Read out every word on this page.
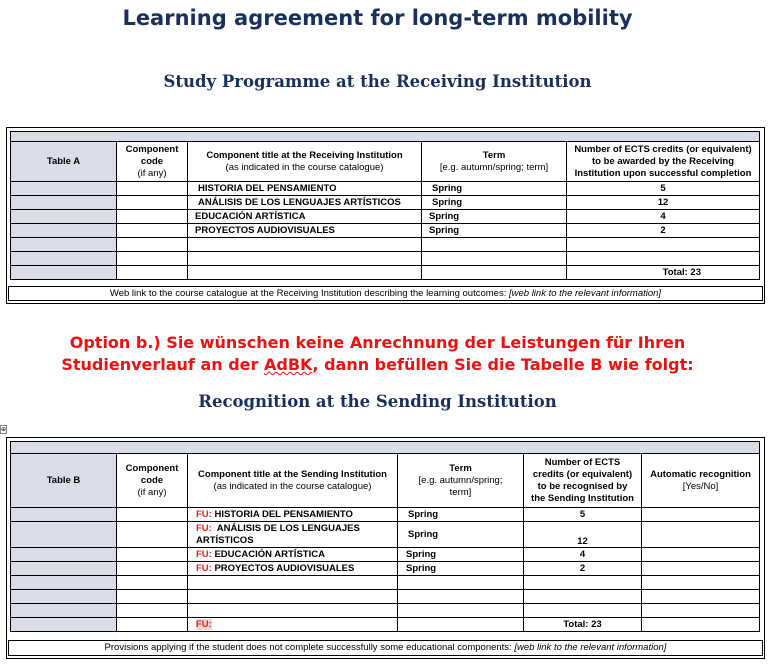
Learning agreement for long-term mobility
Study Programme at the Receiving Institution

Table A	Component
code
(if any)	Component title at the Receiving Institution
(as indicated in the course catalogue)	Term
[e.g. autumn/spring; term]	Number of ECTS credits (or equivalent)
to be awarded by the Receiving
Institution upon successful completion
		HISTORIA DEL PENSAMIENTO	Spring	5
		ANÁLISIS DE LOS LENGUAJES ARTÍSTICOS	Spring	12
		EDUCACIÓN ARTÍSTICA	Spring	4
		PROYECTOS AUDIOVISUALES	Spring	2

				Total: 23
Web link to the course catalogue at the Receiving Institution describing the learning outcomes: [web link to the relevant information]
Option b.) Sie wünschen keine Anrechnung der Leistungen für Ihren
Studienverlauf an der AdBK, dann befüllen Sie die Tabelle B wie folgt:
Recognition at the Sending Institution
⊕

Table B	Component
code
(if any)	Component title at the Sending Institution
(as indicated in the course catalogue)	Term
[e.g. autumn/spring;
term]	Number of ECTS
credits (or equivalent)
to be recognised by
the Sending Institution	Automatic recognition
[Yes/No]
		FU: HISTORIA DEL PENSAMIENTO	Spring	5	
		FU: ANÁLISIS DE LOS LENGUAJES
ARTÍSTICOS	Spring	12	
		FU: EDUCACIÓN ARTÍSTICA	Spring	4	
		FU: PROYECTOS AUDIOVISUALES	Spring	2	

		FU:		Total: 23	
Provisions applying if the student does not complete successfully some educational components: [web link to the relevant information]
